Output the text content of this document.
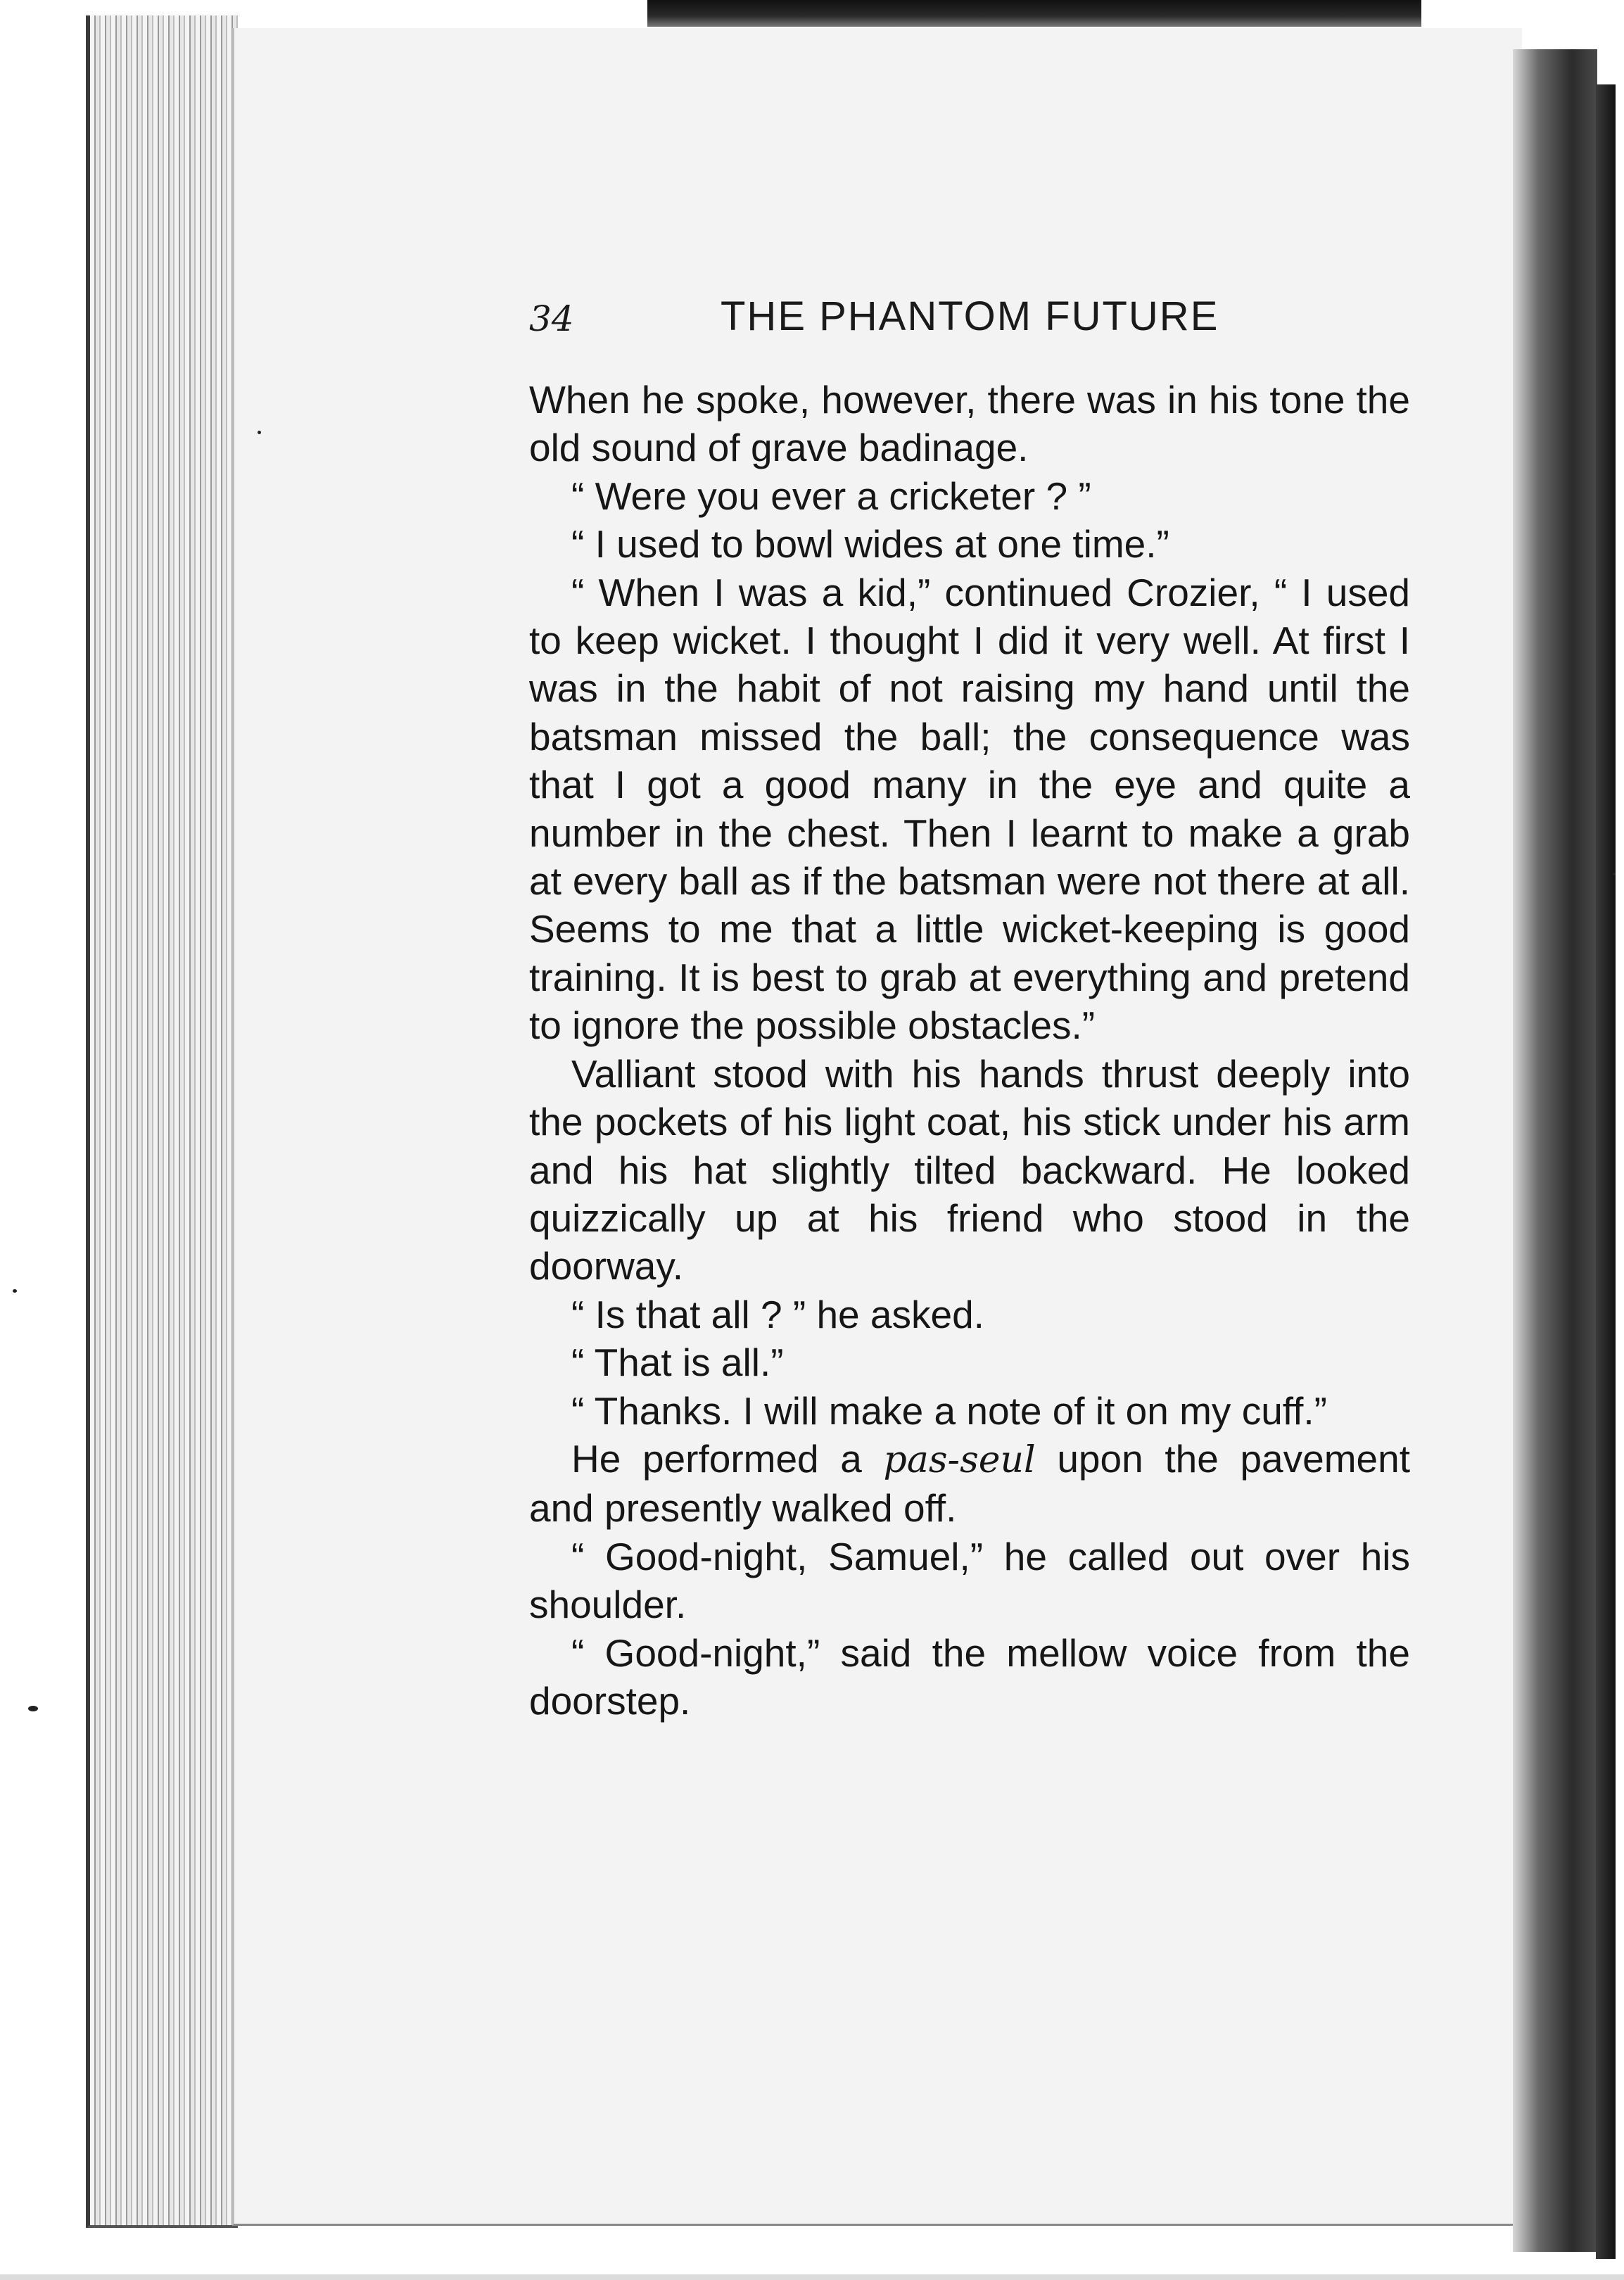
34	THE PHANTOM FUTURE

When he spoke, however, there was in his tone the old sound of grave badinage.

“ Were you ever a cricketer ? ”

“ I used to bowl wides at one time.”

“ When I was a kid,” continued Crozier, “ I used to keep wicket. I thought I did it very well. At first I was in the habit of not raising my hand until the batsman missed the ball; the consequence was that I got a good many in the eye and quite a number in the chest. Then I learnt to make a grab at every ball as if the batsman were not there at all. Seems to me that a little wicket-keeping is good training. It is best to grab at everything and pretend to ignore the possible obstacles.”

Valliant stood with his hands thrust deeply into the pockets of his light coat, his stick under his arm and his hat slightly tilted backward. He looked quizzically up at his friend who stood in the doorway.

“ Is that all ? ” he asked.

“ That is all.”

“ Thanks. I will make a note of it on my cuff.”

He performed a pas-seul upon the pavement and presently walked off.

“ Good-night, Samuel,” he called out over his shoulder.

“ Good-night,” said the mellow voice from the doorstep.
